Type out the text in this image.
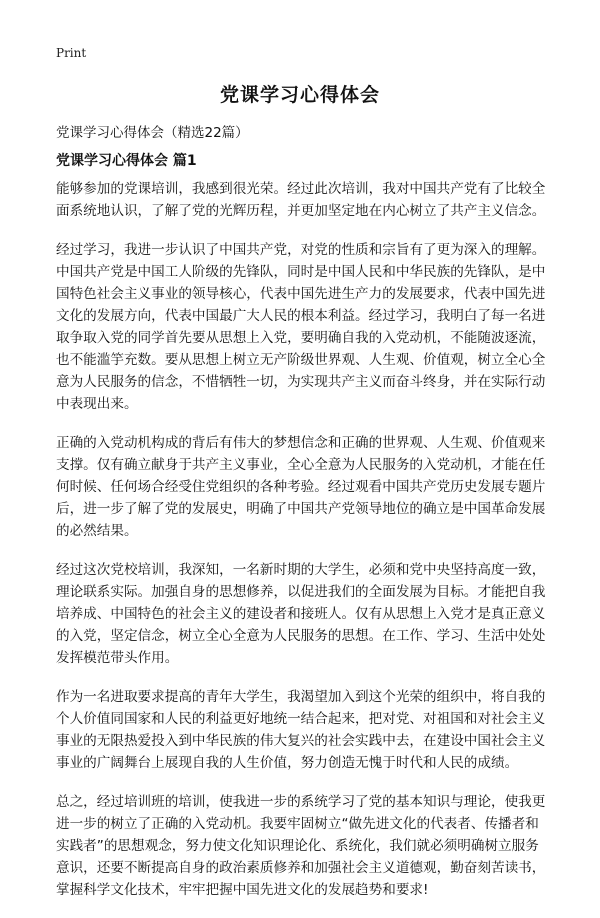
Print
党课学习心得体会
党课学习心得体会（精选22篇）
党课学习心得体会 篇1

能够参加的党课培训，我感到很光荣。经过此次培训，我对中国共产党有了比较全
面系统地认识，了解了党的光辉历程，并更加坚定地在内心树立了共产主义信念。

经过学习，我进一步认识了中国共产党，对党的性质和宗旨有了更为深入的理解。
中国共产党是中国工人阶级的先锋队，同时是中国人民和中华民族的先锋队，是中
国特色社会主义事业的领导核心，代表中国先进生产力的发展要求，代表中国先进
文化的发展方向，代表中国最广大人民的根本利益。经过学习，我明白了每一名进
取争取入党的同学首先要从思想上入党，要明确自我的入党动机，不能随波逐流，
也不能滥竽充数。要从思想上树立无产阶级世界观、人生观、价值观，树立全心全
意为人民服务的信念，不惜牺牲一切，为实现共产主义而奋斗终身，并在实际行动
中表现出来。

正确的入党动机构成的背后有伟大的梦想信念和正确的世界观、人生观、价值观来
支撑。仅有确立献身于共产主义事业，全心全意为人民服务的入党动机，才能在任
何时候、任何场合经受住党组织的各种考验。经过观看中国共产党历史发展专题片
后，进一步了解了党的发展史，明确了中国共产党领导地位的确立是中国革命发展
的必然结果。

经过这次党校培训，我深知，一名新时期的大学生，必须和党中央坚持高度一致，
理论联系实际。加强自身的思想修养，以促进我们的全面发展为目标。才能把自我
培养成、中国特色的社会主义的建设者和接班人。仅有从思想上入党才是真正意义
的入党，坚定信念，树立全心全意为人民服务的思想。在工作、学习、生活中处处
发挥模范带头作用。

作为一名进取要求提高的青年大学生，我渴望加入到这个光荣的组织中，将自我的
个人价值同国家和人民的利益更好地统一结合起来，把对党、对祖国和对社会主义
事业的无限热爱投入到中华民族的伟大复兴的社会实践中去，在建设中国社会主义
事业的广阔舞台上展现自我的人生价值，努力创造无愧于时代和人民的成绩。

总之，经过培训班的培训，使我进一步的系统学习了党的基本知识与理论，使我更
进一步的树立了正确的入党动机。我要牢固树立“做先进文化的代表者、传播者和
实践者”的思想观念，努力使文化知识理论化、系统化，我们就必须明确树立服务
意识，还要不断提高自身的政治素质修养和加强社会主义道德观，勤奋刻苦读书，
掌握科学文化技术，牢牢把握中国先进文化的发展趋势和要求!
